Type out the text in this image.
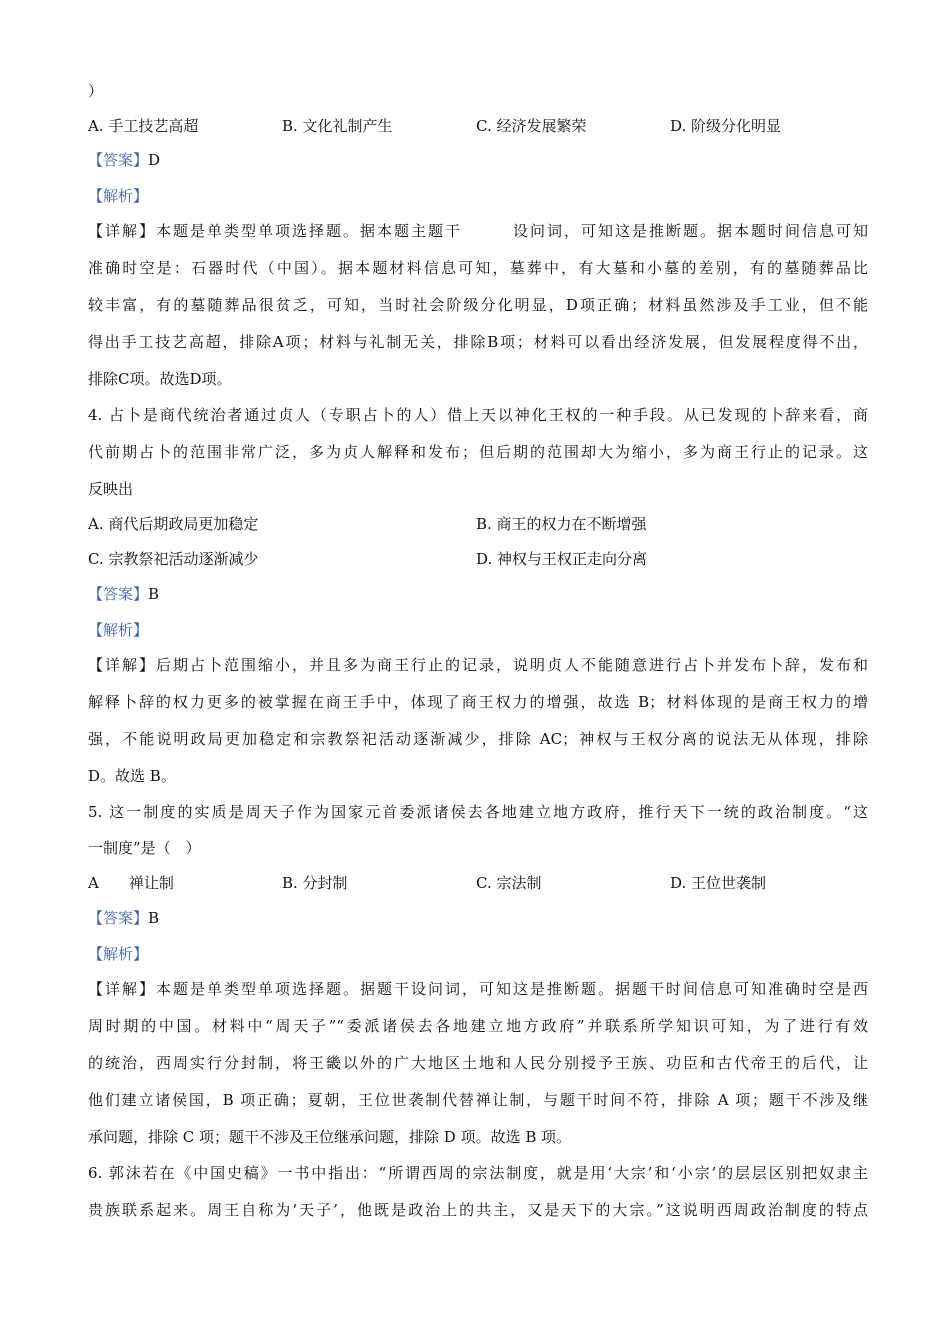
）
A. 手工技艺高超	B. 文化礼制产生	C. 经济发展繁荣	D. 阶级分化明显
【答案】D
【解析】
【详解】本题是单类型单项选择题。据本题主题干　　　设问词，可知这是推断题。据本题时间信息可知
准确时空是：石器时代（中国）。据本题材料信息可知，墓葬中，有大墓和小墓的差别，有的墓随葬品比
较丰富，有的墓随葬品很贫乏，可知，当时社会阶级分化明显，D项正确；材料虽然涉及手工业，但不能
得出手工技艺高超，排除A项；材料与礼制无关，排除B项；材料可以看出经济发展，但发展程度得不出，
排除C项。故选D项。
4. 占卜是商代统治者通过贞人（专职占卜的人）借上天以神化王权的一种手段。从已发现的卜辞来看，商
代前期占卜的范围非常广泛，多为贞人解释和发布；但后期的范围却大为缩小，多为商王行止的记录。这
反映出
A. 商代后期政局更加稳定	B. 商王的权力在不断增强
C. 宗教祭祀活动逐渐减少	D. 神权与王权正走向分离
【答案】B
【解析】
【详解】后期占卜范围缩小，并且多为商王行止的记录，说明贞人不能随意进行占卜并发布卜辞，发布和
解释卜辞的权力更多的被掌握在商王手中，体现了商王权力的增强，故选 B；材料体现的是商王权力的增
强，不能说明政局更加稳定和宗教祭祀活动逐渐减少，排除 AC；神权与王权分离的说法无从体现，排除
D。故选 B。
5. 这一制度的实质是周天子作为国家元首委派诸侯去各地建立地方政府，推行天下一统的政治制度。“这
一制度”是（　）
A　　禅让制	B. 分封制	C. 宗法制	D. 王位世袭制
【答案】B
【解析】
【详解】本题是单类型单项选择题。据题干设问词，可知这是推断题。据题干时间信息可知准确时空是西
周时期的中国。材料中“周天子”“委派诸侯去各地建立地方政府”并联系所学知识可知，为了进行有效
的统治，西周实行分封制，将王畿以外的广大地区土地和人民分别授予王族、功臣和古代帝王的后代，让
他们建立诸侯国，B 项正确；夏朝，王位世袭制代替禅让制，与题干时间不符，排除 A 项；题干不涉及继
承问题，排除 C 项；题干不涉及王位继承问题，排除 D 项。故选 B 项。
6. 郭沫若在《中国史稿》一书中指出：“所谓西周的宗法制度，就是用‘大宗’和‘小宗’的层层区别把奴隶主
贵族联系起来。周王自称为‘天子’，他既是政治上的共主，又是天下的大宗。”这说明西周政治制度的特点
